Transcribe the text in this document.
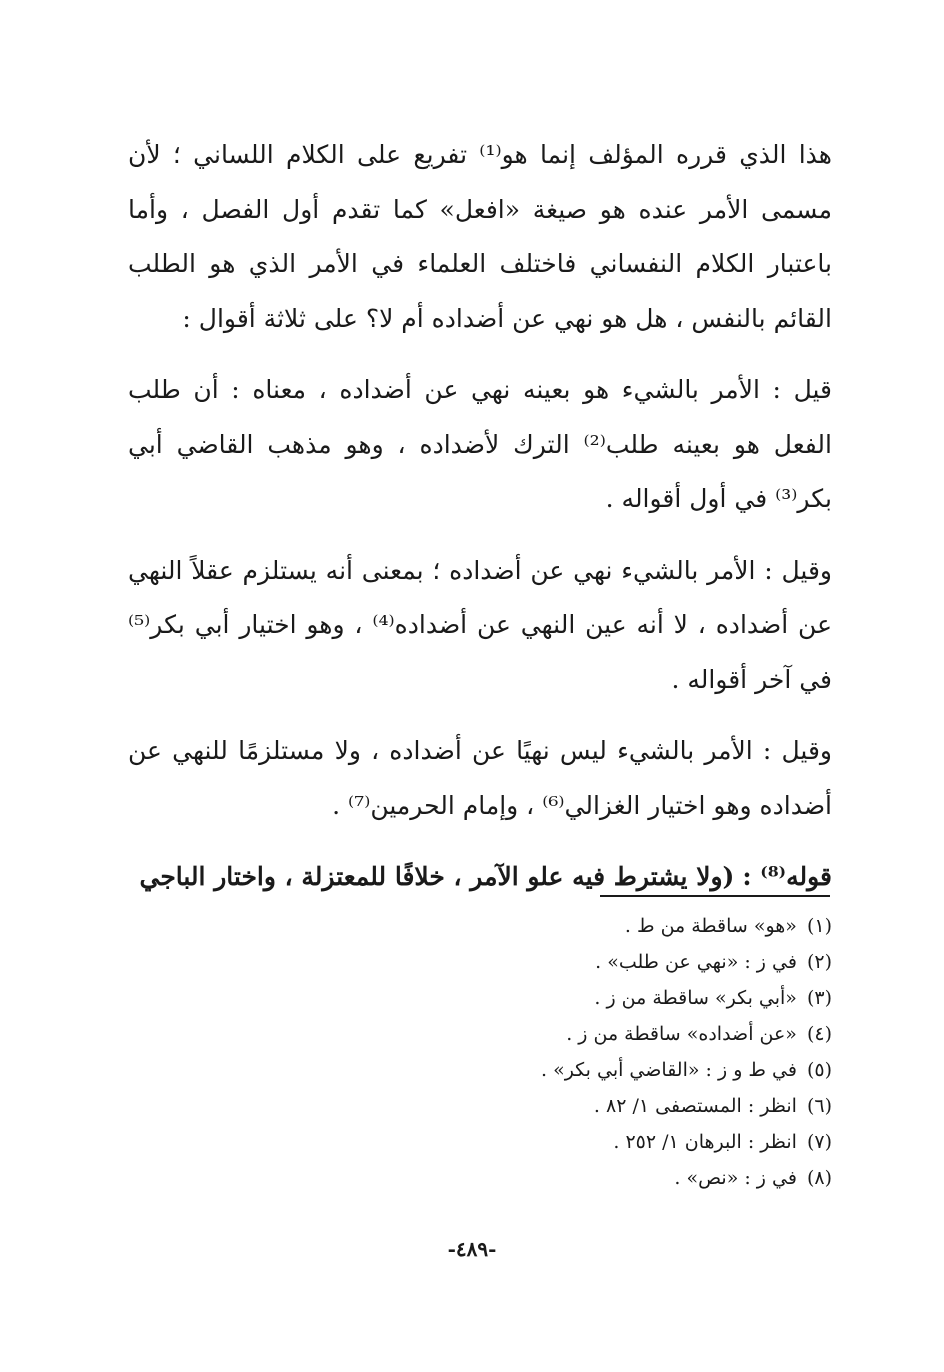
هذا الذي قرره المؤلف إنما هو⁽¹⁾ تفريع على الكلام اللساني ؛ لأن مسمى الأمر عنده هو صيغة «افعل» كما تقدم أول الفصل ، وأما باعتبار الكلام النفساني فاختلف العلماء في الأمر الذي هو الطلب القائم بالنفس ، هل هو نهي عن أضداده أم لا؟ على ثلاثة أقوال :

قيل : الأمر بالشيء هو بعينه نهي عن أضداده ، معناه : أن طلب الفعل هو بعينه طلب⁽²⁾ الترك لأضداده ، وهو مذهب القاضي أبي بكر⁽³⁾ في أول أقواله .

وقيل : الأمر بالشيء نهي عن أضداده ؛ بمعنى أنه يستلزم عقلاً النهي عن أضداده ، لا أنه عين النهي عن أضداده⁽⁴⁾ ، وهو اختيار أبي بكر⁽⁵⁾ في آخر أقواله .

وقيل : الأمر بالشيء ليس نهيًا عن أضداده ، ولا مستلزمًا للنهي عن أضداده وهو اختيار الغزالي⁽⁶⁾ ، وإمام الحرمين⁽⁷⁾ .

قوله⁽⁸⁾ : (ولا يشترط فيه علو الآمر ، خلافًا للمعتزلة ، واختار الباجي

(١)«هو» ساقطة من ط .
(٢)في ز : «نهي عن طلب» .
(٣)«أبي بكر» ساقطة من ز .
(٤)«عن أضداده» ساقطة من ز .
(٥)في ط و ز : «القاضي أبي بكر» .
(٦)انظر : المستصفى ١/ ٨٢ .
(٧)انظر : البرهان ١/ ٢٥٢ .
(٨)في ز : «نص» .
-٤٨٩-
